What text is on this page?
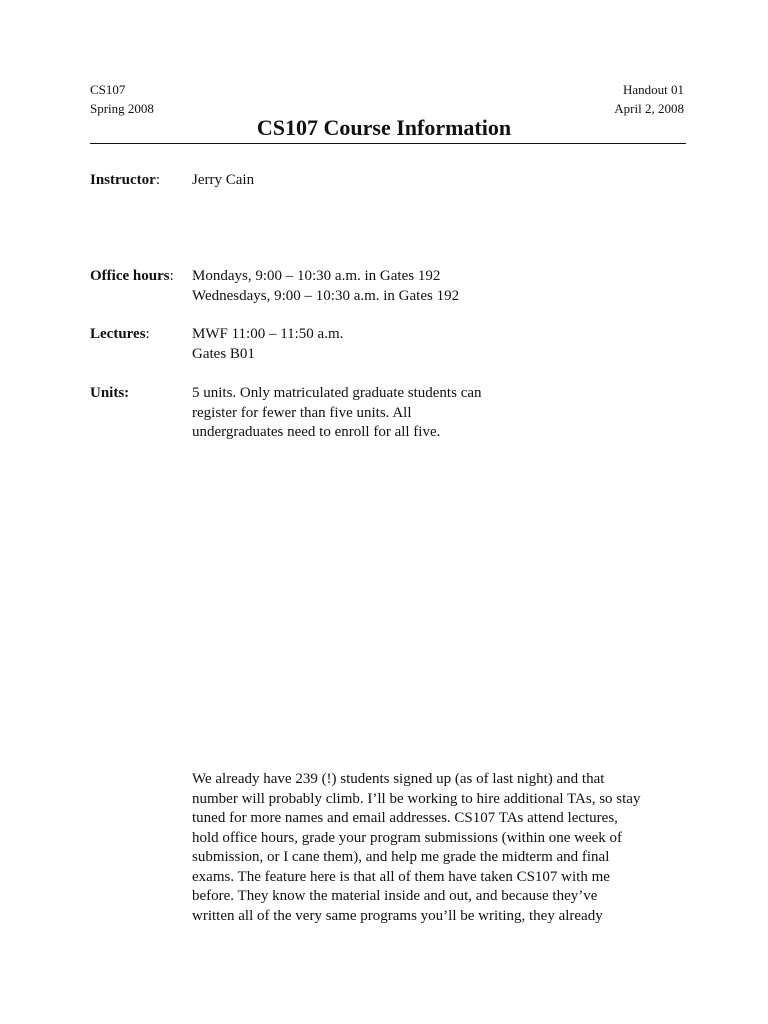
CS107
Spring 2008
Handout 01
April 2, 2008
CS107 Course Information
Instructor: Jerry Cain
Office hours: Mondays, 9:00 – 10:30 a.m. in Gates 192
Wednesdays, 9:00 – 10:30 a.m. in Gates 192
Lectures:	MWF 11:00 – 11:50 a.m.
Gates B01
Units:	5 units. Only matriculated graduate students can
register for fewer than five units. All
undergraduates need to enroll for all five.
We already have 239 (!) students signed up (as of last night) and that
number will probably climb. I’ll be working to hire additional TAs, so stay
tuned for more names and email addresses. CS107 TAs attend lectures,
hold office hours, grade your program submissions (within one week of
submission, or I cane them), and help me grade the midterm and final
exams. The feature here is that all of them have taken CS107 with me
before. They know the material inside and out, and because they’ve
written all of the very same programs you’ll be writing, they already
